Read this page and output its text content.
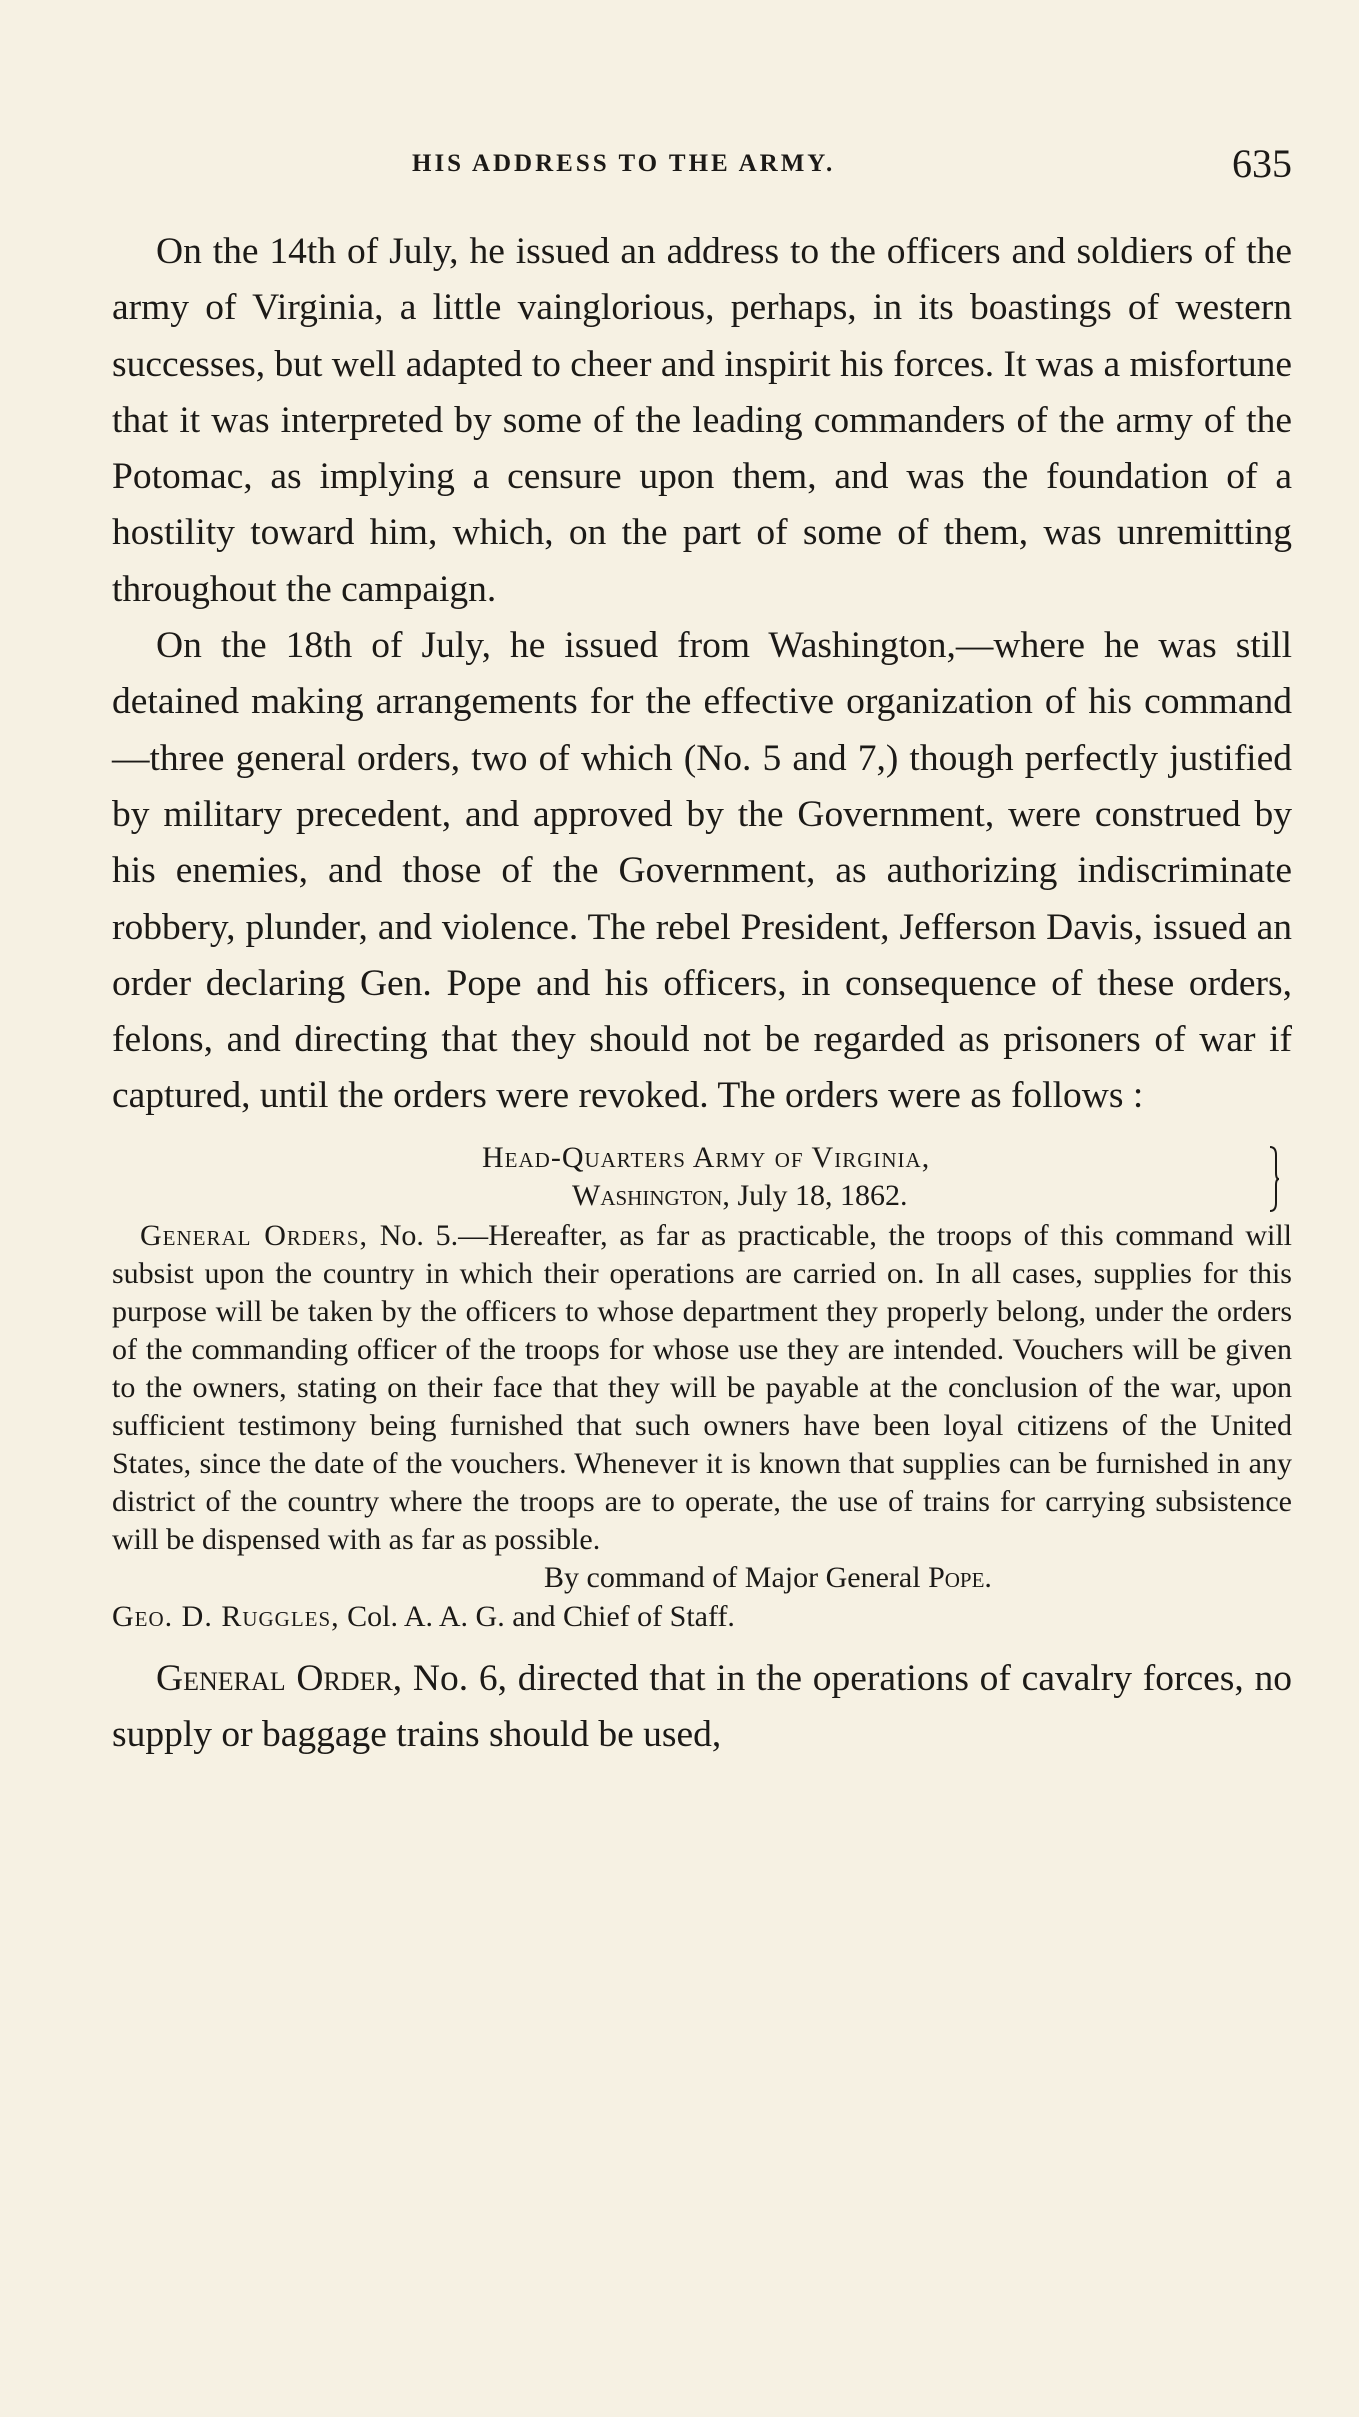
HIS ADDRESS TO THE ARMY.	635

On the 14th of July, he issued an address to the officers and soldiers of the army of Virginia, a little vainglorious, perhaps, in its boastings of western successes, but well adapted to cheer and inspirit his forces. It was a misfortune that it was interpreted by some of the leading commanders of the army of the Potomac, as implying a censure upon them, and was the foundation of a hostility toward him, which, on the part of some of them, was unremitting throughout the campaign.

On the 18th of July, he issued from Washington,—where he was still detained making arrangements for the effective organization of his command—three general orders, two of which (No. 5 and 7,) though perfectly justified by military precedent, and approved by the Government, were construed by his enemies, and those of the Government, as authorizing indiscriminate robbery, plunder, and violence. The rebel President, Jefferson Davis, issued an order declaring Gen. Pope and his officers, in consequence of these orders, felons, and directing that they should not be regarded as prisoners of war if captured, until the orders were revoked. The orders were as follows :

Head-Quarters Army of Virginia,
Washington, July 18, 1862.

General Orders, No. 5.—Hereafter, as far as practicable, the troops of this command will subsist upon the country in which their operations are carried on. In all cases, supplies for this purpose will be taken by the officers to whose department they properly belong, under the orders of the commanding officer of the troops for whose use they are intended. Vouchers will be given to the owners, stating on their face that they will be payable at the conclusion of the war, upon sufficient testimony being furnished that such owners have been loyal citizens of the United States, since the date of the vouchers. Whenever it is known that supplies can be furnished in any district of the country where the troops are to operate, the use of trains for carrying subsistence will be dispensed with as far as possible.

By command of Major General Pope.

Geo. D. Ruggles, Col. A. A. G. and Chief of Staff.

General Order, No. 6, directed that in the operations of cavalry forces, no supply or baggage trains should be used,
